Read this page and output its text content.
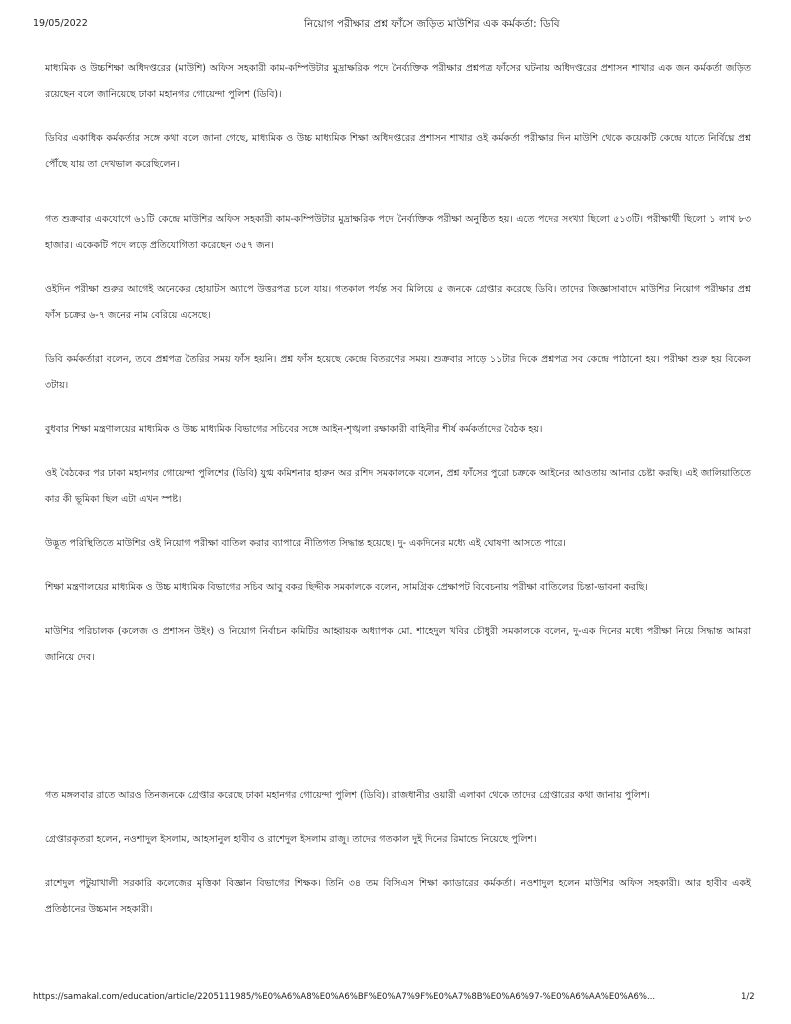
19/05/2022	নিয়োগ পরীক্ষার প্রশ্ন ফাঁসে জড়িত মাউশির এক কর্মকর্তা: ডিবি

মাধ্যমিক ও উচ্চশিক্ষা অধিদপ্তরের (মাউশি) অফিস সহকারী কাম-কম্পিউটার মুদ্রাক্ষরিক পদে নৈর্ব্যক্তিক পরীক্ষার প্রশ্নপত্র ফাঁসের ঘটনায় অধিদপ্তরের প্রশাসন শাখার এক জন কর্মকর্তা জড়িত রয়েছেন বলে জানিয়েছে ঢাকা মহানগর গোয়েন্দা পুলিশ (ডিবি)।

ডিবির একাধিক কর্মকর্তার সঙ্গে কথা বলে জানা গেছে, মাধ্যমিক ও উচ্চ মাধ্যমিক শিক্ষা অধিদপ্তরের প্রশাসন শাখার ওই কর্মকর্তা পরীক্ষার দিন মাউশি থেকে কয়েকটি কেন্দ্রে যাতে নির্বিঘ্নে প্রশ্ন পৌঁছে যায় তা দেখভাল করেছিলেন।

গত শুক্রবার একযোগে ৬১টি কেন্দ্রে মাউশির অফিস সহকারী কাম-কম্পিউটার মুদ্রাক্ষরিক পদে নৈর্ব্যক্তিক পরীক্ষা অনুষ্ঠিত হয়। এতে পদের সংখ্যা ছিলো ৫১৩টি। পরীক্ষার্থী ছিলো ১ লাখ ৮৩ হাজার। একেকটি পদে লড়ে প্রতিযোগিতা করেছেন ৩৫৭ জন।

ওইদিন পরীক্ষা শুরুর আগেই অনেকের হোয়াটস অ্যাপে উত্তরপত্র চলে যায়। গতকাল পর্যন্ত সব মিলিয়ে ৫ জনকে গ্রেপ্তার করেছে ডিবি। তাদের জিজ্ঞাসাবাদে মাউশির নিয়োগ পরীক্ষার প্রশ্ন ফাঁস চক্রের ৬-৭ জনের নাম বেরিয়ে এসেছে।

ডিবি কর্মকর্তারা বলেন, তবে প্রশ্নপত্র তৈরির সময় ফাঁস হয়নি। প্রশ্ন ফাঁস হয়েছে কেন্দ্রে বিতরণের সময়। শুক্রবার সাড়ে ১১টার দিকে প্রশ্নপত্র সব কেন্দ্রে পাঠানো হয়। পরীক্ষা শুরু হয় বিকেল ৩টায়।

বুধবার শিক্ষা মন্ত্রণালয়ের মাধ্যমিক ও উচ্চ মাধ্যমিক বিভাগের সচিবের সঙ্গে আইন-শৃঙ্খলা রক্ষাকারী বাহিনীর শীর্ষ কর্মকর্তাদের বৈঠক হয়।

ওই বৈঠকের পর ঢাকা মহানগর গোয়েন্দা পুলিশের (ডিবি) যুগ্ম কমিশনার হারুন অর রশিদ সমকালকে বলেন, প্রশ্ন ফাঁসের পুরো চক্রকে আইনের আওতায় আনার চেষ্টা করছি। এই জালিয়াতিতে কার কী ভূমিকা ছিল এটা এখন স্পষ্ট।

উদ্ভূত পরিস্থিতিতে মাউশির ওই নিয়োগ পরীক্ষা বাতিল করার ব্যাপারে নীতিগত সিদ্ধান্ত হয়েছে। দু- একদিনের মধ্যে এই ঘোষণা আসতে পারে।

শিক্ষা মন্ত্রণালয়ের মাধ্যমিক ও উচ্চ মাধ্যমিক বিভাগের সচিব আবু বকর ছিদ্দীক সমকালকে বলেন, সামগ্রিক প্রেক্ষাপট বিবেচনায় পরীক্ষা বাতিলের চিন্তা-ভাবনা করছি।

মাউশির পরিচালক (কলেজ ও প্রশাসন উইং) ও নিয়োগ নির্বাচন কমিটির আহ্বায়ক অধ্যাপক মো. শাহেদুল খবির চৌধুরী সমকালকে বলেন, দু-এক দিনের মধ্যে পরীক্ষা নিয়ে সিদ্ধান্ত আমরা জানিয়ে দেব।

গত মঙ্গলবার রাতে আরও তিনজনকে গ্রেপ্তার করেছে ঢাকা মহানগর গোয়েন্দা পুলিশ (ডিবি)। রাজধানীর ওয়ারী এলাকা থেকে তাদের গ্রেপ্তারের কথা জানায় পুলিশ।

গ্রেপ্তারকৃতরা হলেন, নওশাদুল ইসলাম, আহসানুল হাবীব ও রাশেদুল ইসলাম রাজু। তাদের গতকাল দুই দিনের রিমান্ডে নিয়েছে পুলিশ।

রাশেদুল পটুয়াখালী সরকারি কলেজের মৃত্তিকা বিজ্ঞান বিভাগের শিক্ষক। তিনি ৩৪ তম বিসিএস শিক্ষা ক্যাডারের কর্মকর্তা। নওশাদুল হলেন মাউশির অফিস সহকারী। আর হাবীব একই প্রতিষ্ঠানের উচ্চমান সহকারী।

https://samakal.com/education/article/2205111985/%E0%A6%A8%E0%A6%BF%E0%A7%9F%E0%A7%8B%E0%A6%97-%E0%A6%AA%E0%A6%...	1/2
